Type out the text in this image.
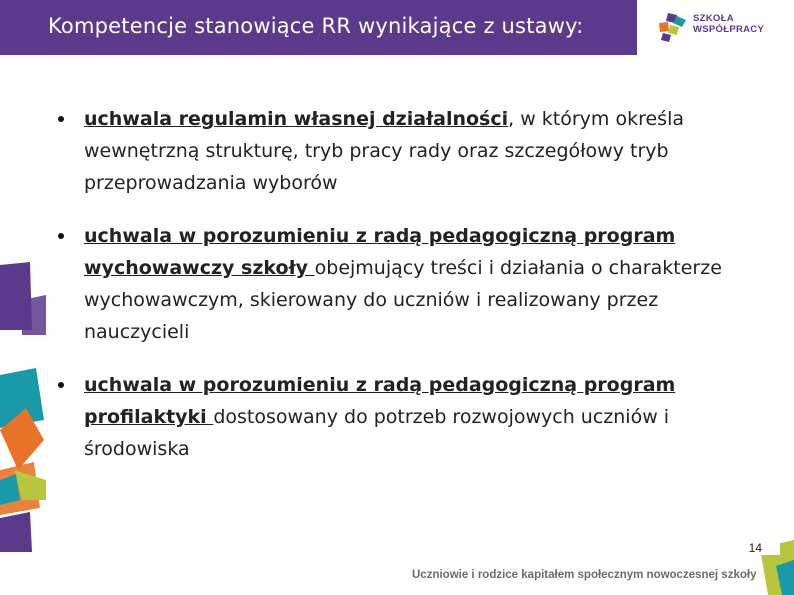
Kompetencje stanowiące RR wynikające z ustawy:	SZKOŁA
WSPÓŁPRACY
uchwala regulamin własnej działalności, w którym określa wewnętrzną strukturę, tryb pracy rady oraz szczegółowy tryb przeprowadzania wyborów
uchwala w porozumieniu z radą pedagogiczną program wychowawczy szkoły obejmujący treści i działania o charakterze wychowawczym, skierowany do uczniów i realizowany przez nauczycieli
uchwala w porozumieniu z radą pedagogiczną program profilaktyki dostosowany do potrzeb rozwojowych uczniów i środowiska
14
Uczniowie i rodzice kapitałem społecznym nowoczesnej szkoły
